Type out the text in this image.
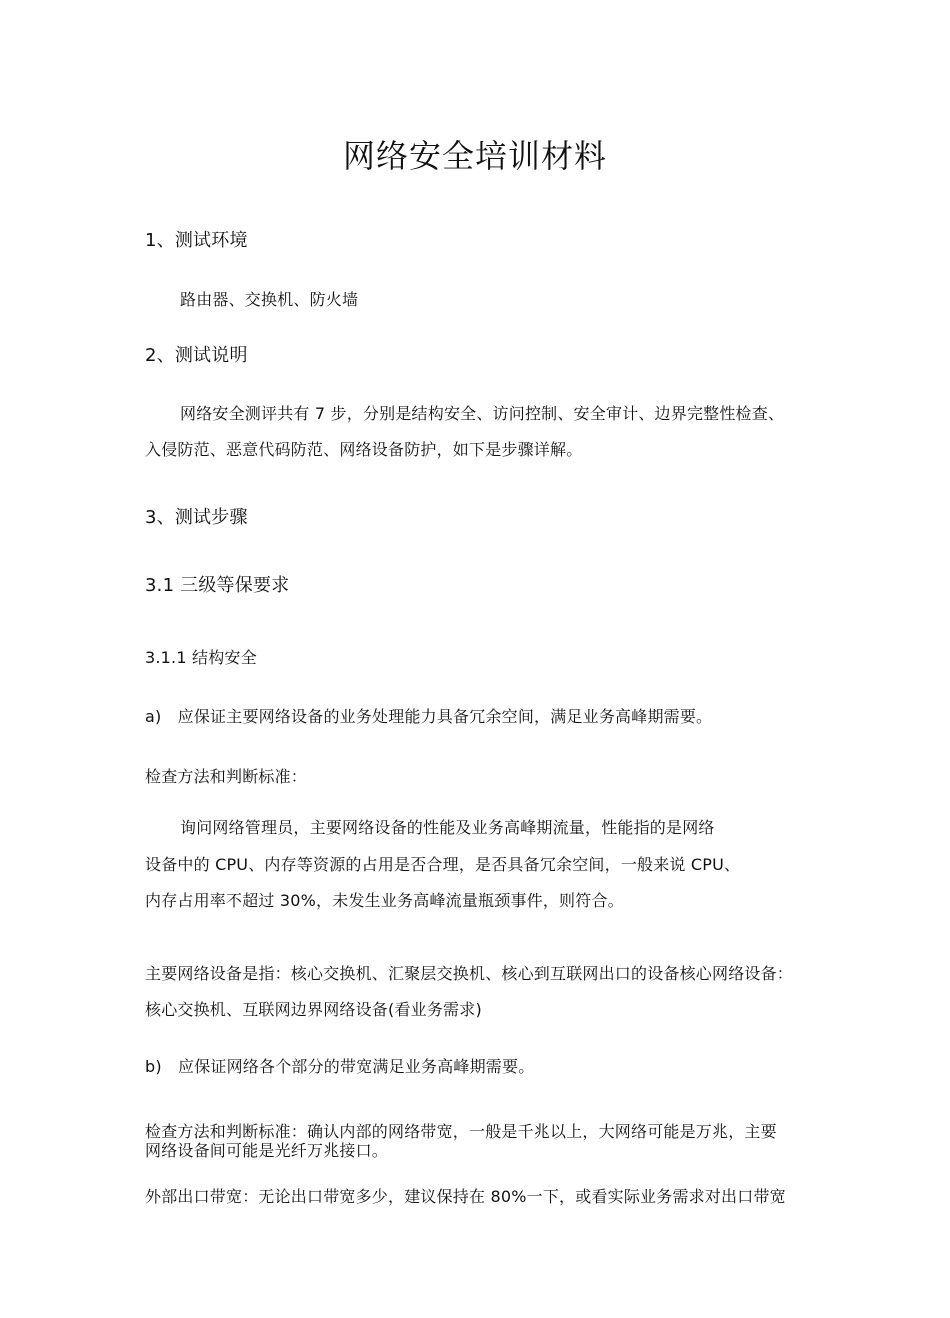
网络安全培训材料
1、测试环境
路由器、交换机、防火墙
2、测试说明
网络安全测评共有 7 步，分别是结构安全、访问控制、安全审计、边界完整性检查、
入侵防范、恶意代码防范、网络设备防护，如下是步骤详解。
3、测试步骤
3.1 三级等保要求
3.1.1 结构安全
a)　应保证主要网络设备的业务处理能力具备冗余空间，满足业务高峰期需要。
检查方法和判断标准：
询问网络管理员，主要网络设备的性能及业务高峰期流量，性能指的是网络
设备中的 CPU、内存等资源的占用是否合理，是否具备冗余空间，一般来说 CPU、
内存占用率不超过 30%，未发生业务高峰流量瓶颈事件，则符合。
主要网络设备是指：核心交换机、汇聚层交换机、核心到互联网出口的设备核心网络设备：
核心交换机、互联网边界网络设备(看业务需求)
b)　应保证网络各个部分的带宽满足业务高峰期需要。
检查方法和判断标准：确认内部的网络带宽，一般是千兆以上，大网络可能是万兆，主要
网络设备间可能是光纤万兆接口。
外部出口带宽：无论出口带宽多少，建议保持在 80%一下，或看实际业务需求对出口带宽
